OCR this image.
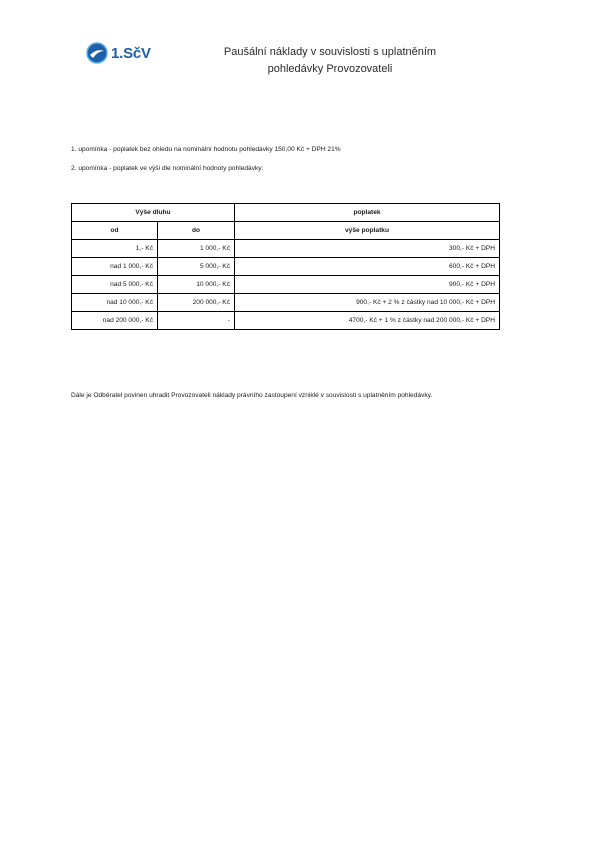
1.SčV	Paušální náklady v souvislosti s uplatněním
pohledávky Provozovateli
1. upomínka - poplatek bez ohledu na nominální hodnotu pohledávky 150,00 Kč + DPH 21%
2. upomínka - poplatek ve výši dle nominální hodnoty pohledávky:
Výše dluhu		poplatek
od	do	výše poplatku
1,- Kč	1 000,- Kč	300,- Kč + DPH
nad 1 000,- Kč	5 000,- Kč	600,- Kč + DPH
nad 5 000,- Kč	10 000,- Kč	900,- Kč + DPH
nad 10 000,- Kč	200 000,- Kč	900,- Kč + 2 % z částky nad 10 000,- Kč + DPH
nad 200 000,- Kč	-	4700,- Kč + 1 % z částky nad 200 000,- Kč + DPH
Dále je Odběratel povinen uhradit Provozovateli náklady právního zastoupení vzniklé v souvislosti s uplatněním pohledávky.
